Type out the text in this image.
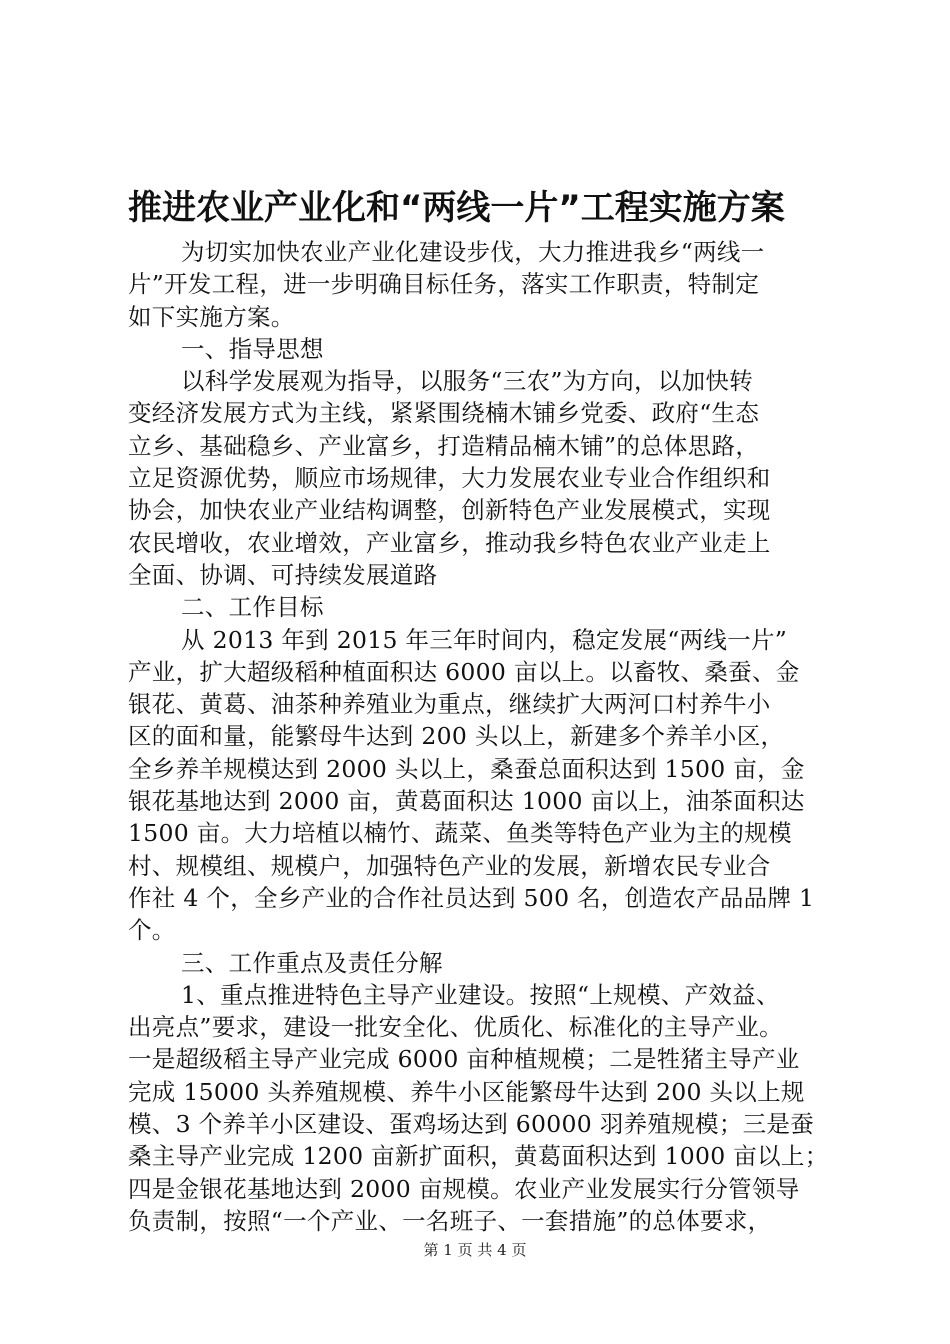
推进农业产业化和“两线一片”工程实施方案
为切实加快农业产业化建设步伐，大力推进我乡“两线一
片”开发工程，进一步明确目标任务，落实工作职责，特制定
如下实施方案。
一、指导思想
以科学发展观为指导，以服务“三农”为方向，以加快转
变经济发展方式为主线，紧紧围绕楠木铺乡党委、政府“生态
立乡、基础稳乡、产业富乡，打造精品楠木铺”的总体思路，
立足资源优势，顺应市场规律，大力发展农业专业合作组织和
协会，加快农业产业结构调整，创新特色产业发展模式，实现
农民增收，农业增效，产业富乡，推动我乡特色农业产业走上
全面、协调、可持续发展道路
二、工作目标
从 2013 年到 2015 年三年时间内，稳定发展“两线一片”
产业，扩大超级稻种植面积达 6000 亩以上。以畜牧、桑蚕、金
银花、黄葛、油茶种养殖业为重点，继续扩大两河口村养牛小
区的面和量，能繁母牛达到 200 头以上，新建多个养羊小区，
全乡养羊规模达到 2000 头以上，桑蚕总面积达到 1500 亩，金
银花基地达到 2000 亩，黄葛面积达 1000 亩以上，油茶面积达
1500 亩。大力培植以楠竹、蔬菜、鱼类等特色产业为主的规模
村、规模组、规模户，加强特色产业的发展，新增农民专业合
作社 4 个，全乡产业的合作社员达到 500 名，创造农产品品牌 1
个。
三、工作重点及责任分解
1、重点推进特色主导产业建设。按照“上规模、产效益、
出亮点”要求，建设一批安全化、优质化、标准化的主导产业。
一是超级稻主导产业完成 6000 亩种植规模；二是牲猪主导产业
完成 15000 头养殖规模、养牛小区能繁母牛达到 200 头以上规
模、3 个养羊小区建设、蛋鸡场达到 60000 羽养殖规模；三是蚕
桑主导产业完成 1200 亩新扩面积，黄葛面积达到 1000 亩以上；
四是金银花基地达到 2000 亩规模。农业产业发展实行分管领导
负责制，按照“一个产业、一名班子、一套措施”的总体要求，
第 1 页 共 4 页
